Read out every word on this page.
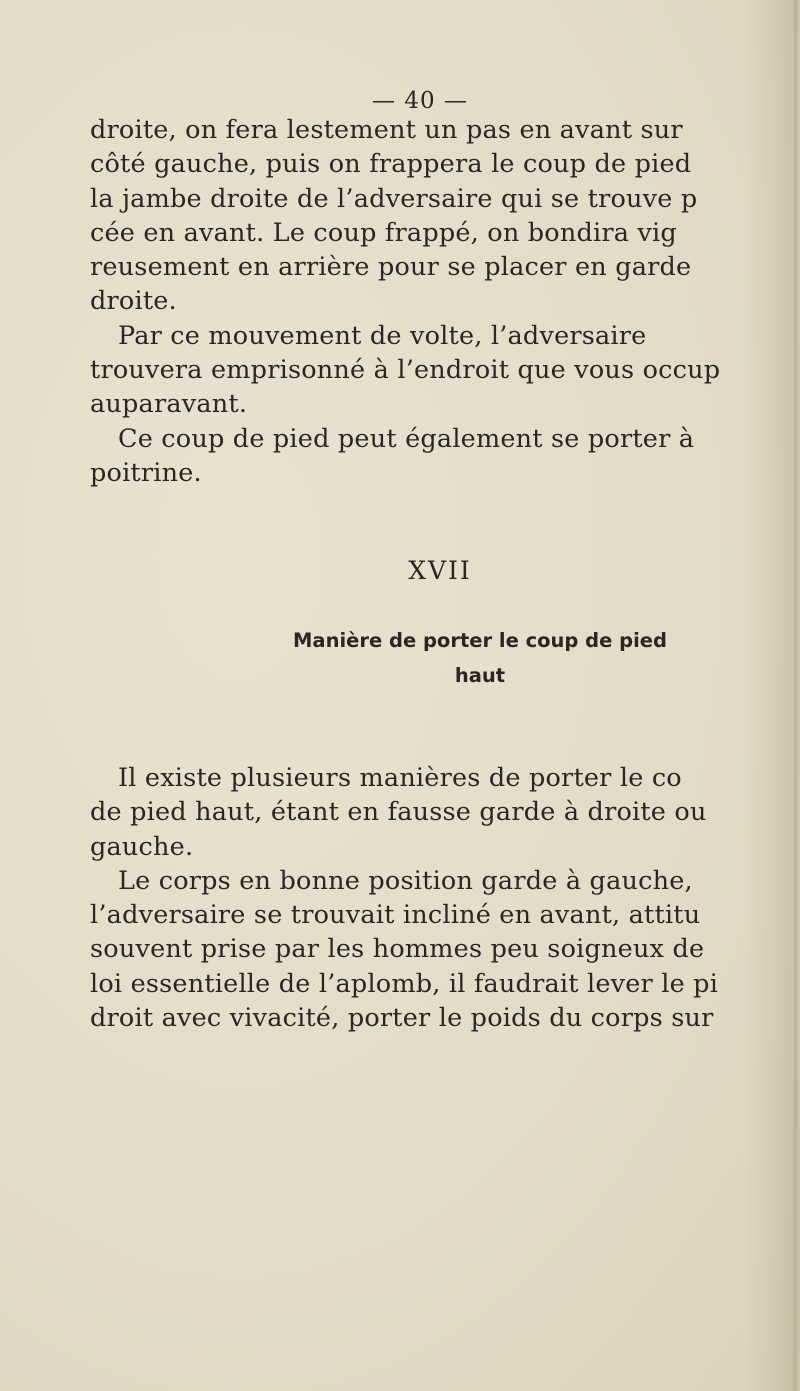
— 40 —
droite, on fera lestement un pas en avant sur
côté gauche, puis on frappera le coup de pied
la jambe droite de l’adversaire qui se trouve p
cée en avant. Le coup frappé, on bondira vig
reusement en arrière pour se placer en garde
droite.
Par ce mouvement de volte, l’adversaire
trouvera emprisonné à l’endroit que vous occup
auparavant.
Ce coup de pied peut également se porter à
poitrine.
XVII
Manière de porter le coup de pied
haut
Il existe plusieurs manières de porter le co
de pied haut, étant en fausse garde à droite ou
gauche.
Le corps en bonne position garde à gauche,
l’adversaire se trouvait incliné en avant, attitu
souvent prise par les hommes peu soigneux de
loi essentielle de l’aplomb, il faudrait lever le pi
droit avec vivacité, porter le poids du corps sur
